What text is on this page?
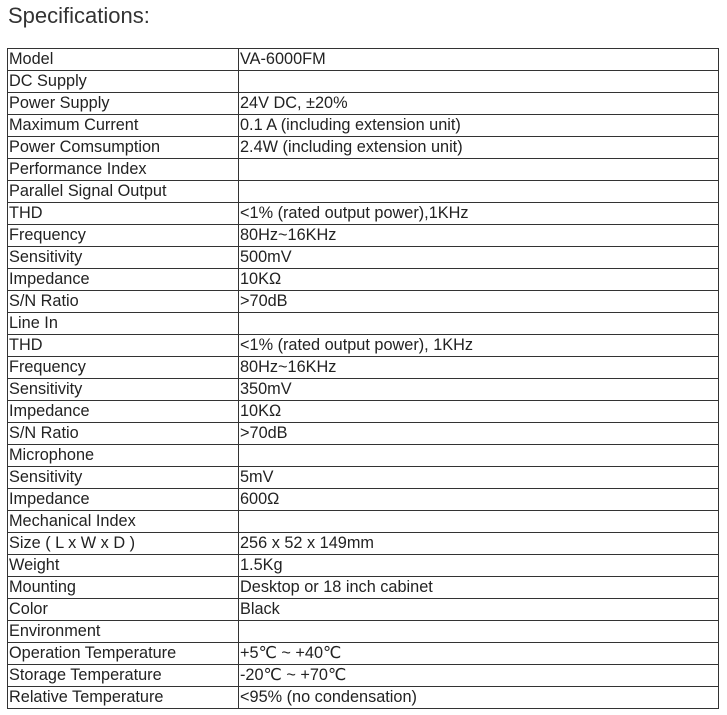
Specifications:
Model	VA-6000FM
DC Supply	
Power Supply	24V DC, ±20%
Maximum Current	0.1 A (including extension unit)
Power Comsumption	2.4W (including extension unit)
Performance Index	
Parallel Signal Output	
THD	<1% (rated output power),1KHz
Frequency	80Hz~16KHz
Sensitivity	500mV
Impedance	10KΩ
S/N Ratio	>70dB
Line In	
THD	<1% (rated output power), 1KHz
Frequency	80Hz~16KHz
Sensitivity	350mV
Impedance	10KΩ
S/N Ratio	>70dB
Microphone	
Sensitivity	5mV
Impedance	600Ω
Mechanical Index	
Size ( L x W x D )	256 x 52 x 149mm
Weight	1.5Kg
Mounting	Desktop or 18 inch cabinet
Color	Black
Environment	
Operation Temperature	+5℃ ~ +40℃
Storage Temperature	-20℃ ~ +70℃
Relative Temperature	<95% (no condensation)
